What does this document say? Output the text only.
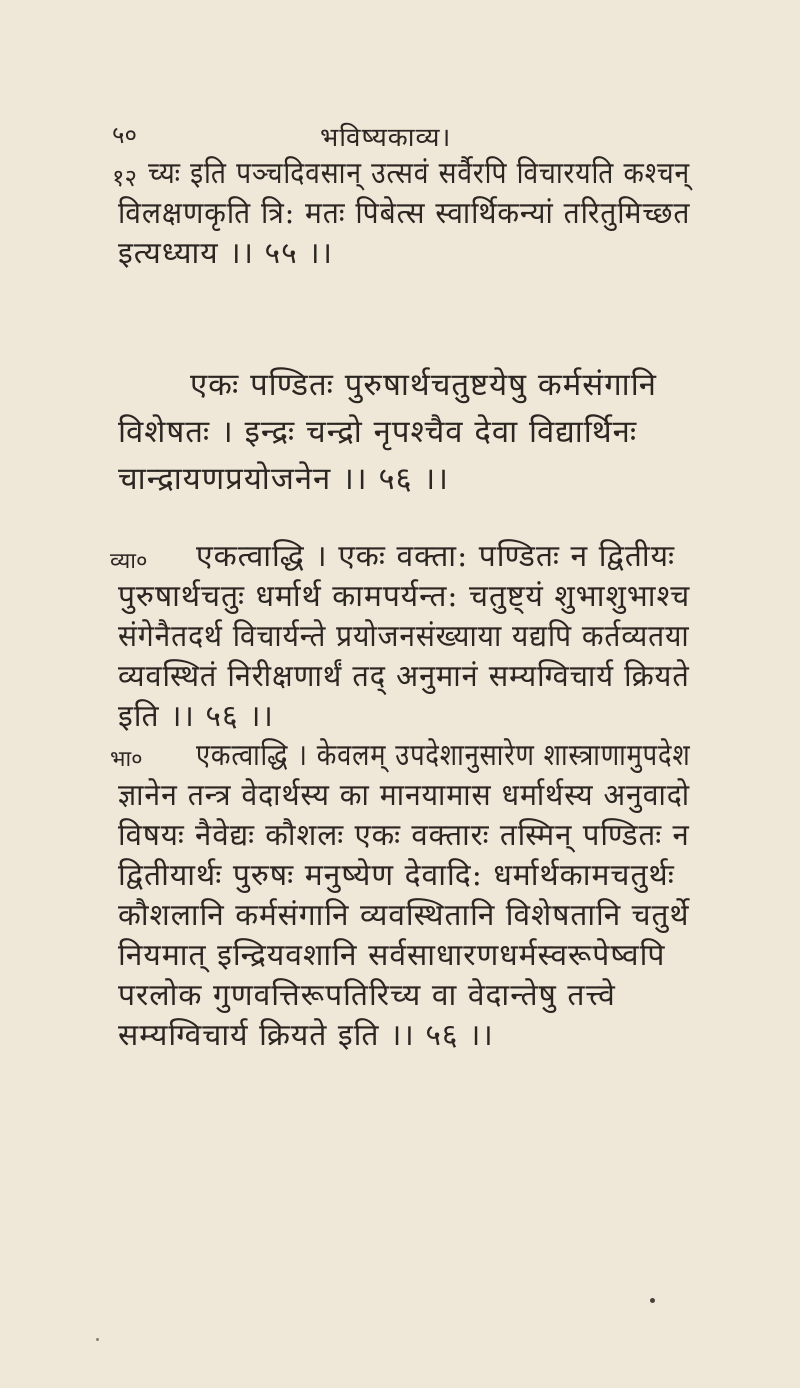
५०	भविष्यकाव्य।
१२ च्यः इति पञ्चदिवसान् उत्सवं सर्वैरपि विचारयति कश्चन्
विलक्षणकृति त्रि: मतः पिबेत्स स्वार्थिकन्यां तरितुमिच्छत
इत्यध्याय ।। ५५ ।।
एकः पण्डितः पुरुषार्थचतुष्टयेषु कर्मसंगानि
विशेषतः । इन्द्रः चन्द्रो नृपश्चैव देवा विद्यार्थिनः
चान्द्रायणप्रयोजनेन ।। ५६ ।।
व्या० एकत्वाद्धि । एकः वक्ता: पण्डितः न द्वितीयः
पुरुषार्थचतुः धर्मार्थ कामपर्यन्त: चतुष्ट्यं शुभाशुभाश्च
संगेनैतदर्थ विचार्यन्ते प्रयोजनसंख्याया यद्यपि कर्तव्यतया
व्यवस्थितं निरीक्षणार्थं तद् अनुमानं सम्यग्विचार्य क्रियते
इति ।। ५६ ।।
भा० एकत्वाद्धि । केवलम् उपदेशानुसारेण शास्त्राणामुपदेश
ज्ञानेन तन्त्र वेदार्थस्य का मानयामास धर्मार्थस्य अनुवादो
विषयः नैवेद्यः कौशलः एकः वक्तारः तस्मिन् पण्डितः न
द्वितीयार्थः पुरुषः मनुष्येण देवादि: धर्मार्थकामचतुर्थः
कौशलानि कर्मसंगानि व्यवस्थितानि विशेषतानि चतुर्थे
नियमात् इन्द्रियवशानि सर्वसाधारणधर्मस्वरूपेष्वपि
परलोक गुणवत्तिरूपतिरिच्य वा वेदान्तेषु तत्त्वे
सम्यग्विचार्य क्रियते इति ।। ५६ ।।
